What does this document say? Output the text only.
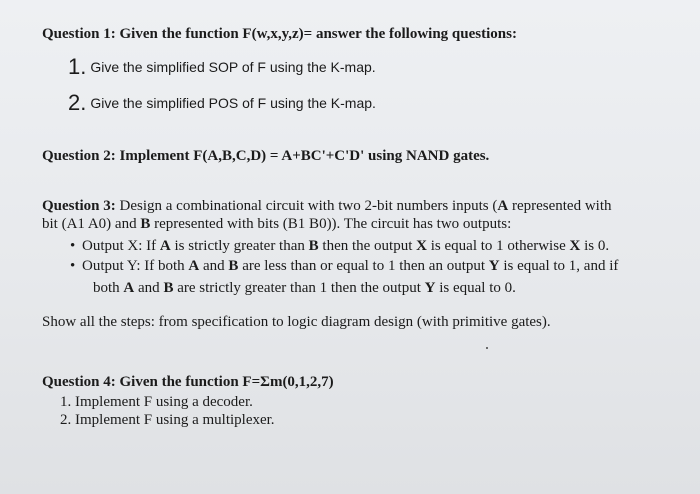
Question 1: Given the function F(w,x,y,z)= answer the following questions:
1. Give the simplified SOP of F using the K-map.
2. Give the simplified POS of F using the K-map.
Question 2: Implement F(A,B,C,D) = A+BC'+C'D' using NAND gates.
Question 3: Design a combinational circuit with two 2-bit numbers inputs (A represented with
bit (A1 A0) and B represented with bits (B1 B0)). The circuit has two outputs:
• Output X: If A is strictly greater than B then the output X is equal to 1 otherwise X is 0.
• Output Y: If both A and B are less than or equal to 1 then an output Y is equal to 1, and if
both A and B are strictly greater than 1 then the output Y is equal to 0.
Show all the steps: from specification to logic diagram design (with primitive gates).
Question 4: Given the function F=Σm(0,1,2,7)
1. Implement F using a decoder.
2. Implement F using a multiplexer.
